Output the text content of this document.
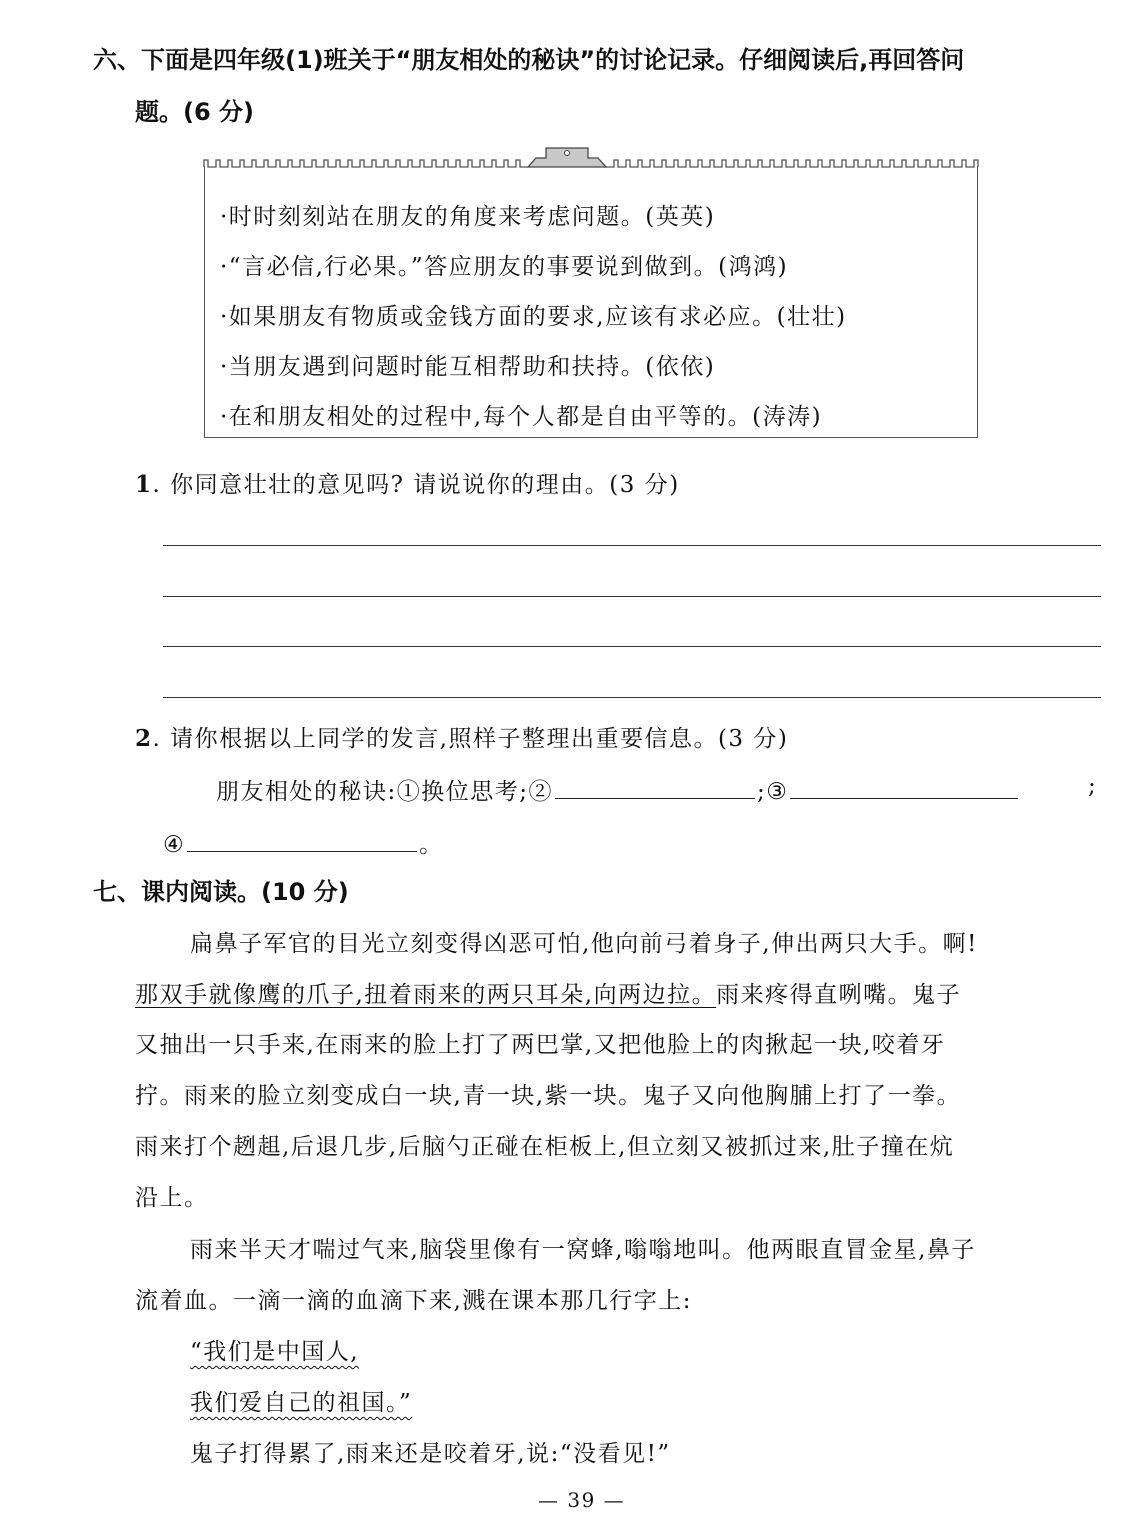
六、下面是四年级(1)班关于“朋友相处的秘诀”的讨论记录。仔细阅读后,再回答问
题。(6 分)
·时时刻刻站在朋友的角度来考虑问题。(英英)
·“言必信,行必果。”答应朋友的事要说到做到。(鸿鸿)
·如果朋友有物质或金钱方面的要求,应该有求必应。(壮壮)
·当朋友遇到问题时能互相帮助和扶持。(依依)
·在和朋友相处的过程中,每个人都是自由平等的。(涛涛)
1. 你同意壮壮的意见吗? 请说说你的理由。(3 分)
2. 请你根据以上同学的发言,照样子整理出重要信息。(3 分)
朋友相处的秘诀:①换位思考;②	;③	;
④	。
七、课内阅读。(10 分)
扁鼻子军官的目光立刻变得凶恶可怕,他向前弓着身子,伸出两只大手。啊!
那双手就像鹰的爪子,扭着雨来的两只耳朵,向两边拉。雨来疼得直咧嘴。鬼子
又抽出一只手来,在雨来的脸上打了两巴掌,又把他脸上的肉揪起一块,咬着牙
拧。雨来的脸立刻变成白一块,青一块,紫一块。鬼子又向他胸脯上打了一拳。
雨来打个趔趄,后退几步,后脑勺正碰在柜板上,但立刻又被抓过来,肚子撞在炕
沿上。
雨来半天才喘过气来,脑袋里像有一窝蜂,嗡嗡地叫。他两眼直冒金星,鼻子
流着血。一滴一滴的血滴下来,溅在课本那几行字上:
“我们是中国人,
我们爱自己的祖国。”
鬼子打得累了,雨来还是咬着牙,说:“没看见!”
— 39 —
